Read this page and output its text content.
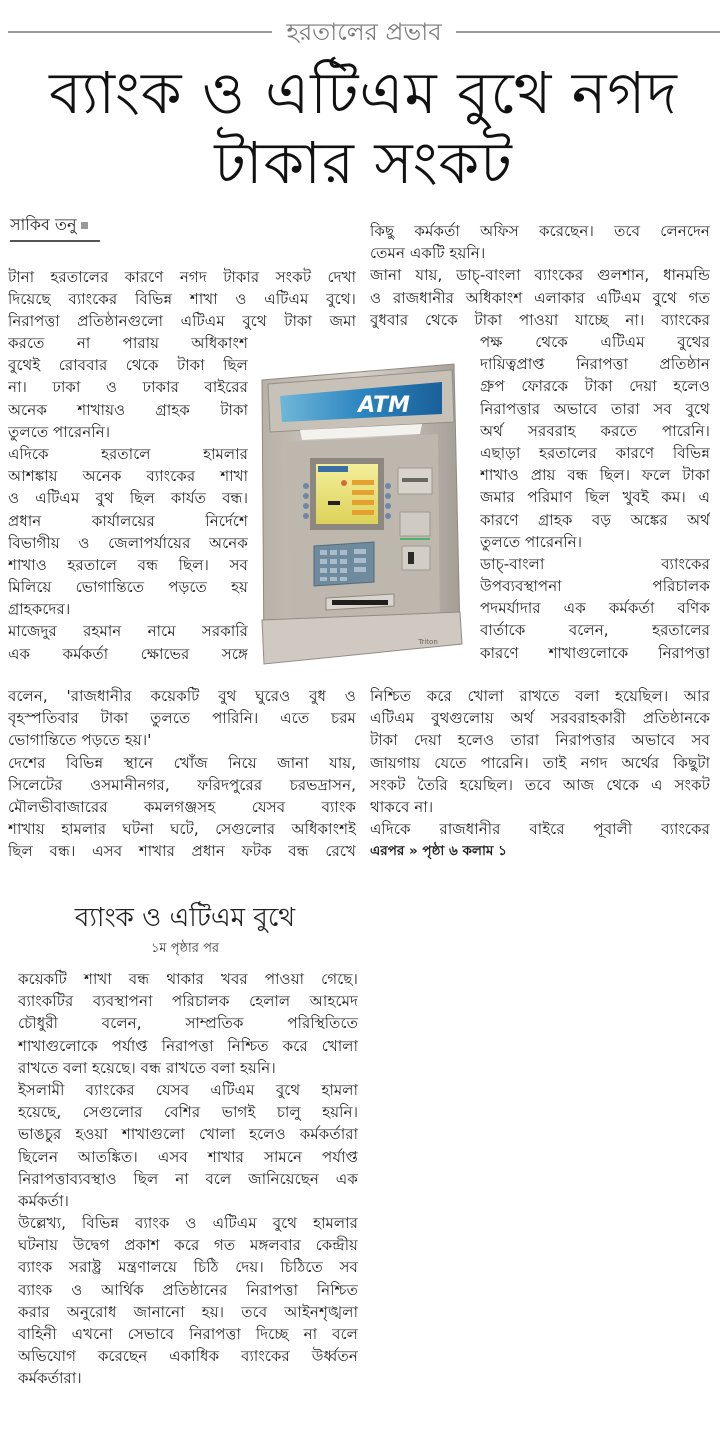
হরতালের প্রভাব
ব্যাংক ও এটিএম বুথে নগদ
টাকার সংকট
সাকিব তনু
টানা হরতালের কারণে নগদ টাকার সংকট দেখা
দিয়েছে ব্যাংকের বিভিন্ন শাখা ও এটিএম বুথে।
নিরাপত্তা প্রতিষ্ঠানগুলো এটিএম বুথে টাকা জমা
করতে না পারায় অধিকাংশ
বুথেই রোববার থেকে টাকা ছিল
না। ঢাকা ও ঢাকার বাইরের
অনেক শাখায়ও গ্রাহক টাকা
তুলতে পারেননি।
এদিকে হরতালে হামলার
আশঙ্কায় অনেক ব্যাংকের শাখা
ও এটিএম বুথ ছিল কার্যত বন্ধ।
প্রধান কার্যালয়ের নির্দেশে
বিভাগীয় ও জেলাপর্যায়ের অনেক
শাখাও হরতালে বন্ধ ছিল। সব
মিলিয়ে ভোগান্তিতে পড়তে হয়
গ্রাহকদের।
মাজেদুর রহমান নামে সরকারি
এক কর্মকর্তা ক্ষোভের সঙ্গে
বলেন, 'রাজধানীর কয়েকটি বুথ ঘুরেও বুধ ও
বৃহস্পতিবার টাকা তুলতে পারিনি। এতে চরম
ভোগান্তিতে পড়তে হয়।'
দেশের বিভিন্ন স্থানে খোঁজ নিয়ে জানা যায়,
সিলেটের ওসমানীনগর, ফরিদপুরের চরভদ্রাসন,
মৌলভীবাজারের কমলগঞ্জসহ যেসব ব্যাংক
শাখায় হামলার ঘটনা ঘটে, সেগুলোর অধিকাংশই
ছিল বন্ধ। এসব শাখার প্রধান ফটক বন্ধ রেখে
কিছু কর্মকর্তা অফিস করেছেন। তবে লেনদেন
তেমন একটি হয়নি।
জানা যায়, ডাচ্-বাংলা ব্যাংকের গুলশান, ধানমন্ডি
ও রাজধানীর অধিকাংশ এলাকার এটিএম বুথে গত
বুধবার থেকে টাকা পাওয়া যাচ্ছে না। ব্যাংকের
পক্ষ থেকে এটিএম বুথের
দায়িত্বপ্রাপ্ত নিরাপত্তা প্রতিষ্ঠান
গ্রুপ ফোরকে টাকা দেয়া হলেও
নিরাপত্তার অভাবে তারা সব বুথে
অর্থ সরবরাহ করতে পারেনি।
এছাড়া হরতালের কারণে বিভিন্ন
শাখাও প্রায় বন্ধ ছিল। ফলে টাকা
জমার পরিমাণ ছিল খুবই কম। এ
কারণে গ্রাহক বড় অঙ্কের অর্থ
তুলতে পারেননি।
ডাচ্-বাংলা ব্যাংকের
উপব্যবস্থাপনা পরিচালক
পদমর্যাদার এক কর্মকর্তা বণিক
বার্তাকে বলেন, হরতালের
কারণে শাখাগুলোকে নিরাপত্তা
নিশ্চিত করে খোলা রাখতে বলা হয়েছিল। আর
এটিএম বুথগুলোয় অর্থ সরবরাহকারী প্রতিষ্ঠানকে
টাকা দেয়া হলেও তারা নিরাপত্তার অভাবে সব
জায়গায় যেতে পারেনি। তাই নগদ অর্থের কিছুটা
সংকট তৈরি হয়েছিল। তবে আজ থেকে এ সংকট
থাকবে না।
এদিকে রাজধানীর বাইরে পূবালী ব্যাংকের
এরপর » পৃষ্ঠা ৬ কলাম ১
ATM
Triton
ব্যাংক ও এটিএম বুথে
১ম পৃষ্ঠার পর
কয়েকটি শাখা বন্ধ থাকার খবর পাওয়া গেছে।
ব্যাংকটির ব্যবস্থাপনা পরিচালক হেলাল আহমেদ
চৌধুরী বলেন, সাম্প্রতিক পরিস্থিতিতে
শাখাগুলোকে পর্যাপ্ত নিরাপত্তা নিশ্চিত করে খোলা
রাখতে বলা হয়েছে। বন্ধ রাখতে বলা হয়নি।
ইসলামী ব্যাংকের যেসব এটিএম বুথে হামলা
হয়েছে, সেগুলোর বেশির ভাগই চালু হয়নি।
ভাঙচুর হওয়া শাখাগুলো খোলা হলেও কর্মকর্তারা
ছিলেন আতঙ্কিত। এসব শাখার সামনে পর্যাপ্ত
নিরাপত্তাব্যবস্থাও ছিল না বলে জানিয়েছেন এক
কর্মকর্তা।
উল্লেখ্য, বিভিন্ন ব্যাংক ও এটিএম বুথে হামলার
ঘটনায় উদ্বেগ প্রকাশ করে গত মঙ্গলবার কেন্দ্রীয়
ব্যাংক সরাষ্ট্র মন্ত্রণালয়ে চিঠি দেয়। চিঠিতে সব
ব্যাংক ও আর্থিক প্রতিষ্ঠানের নিরাপত্তা নিশ্চিত
করার অনুরোধ জানানো হয়। তবে আইনশৃঙ্খলা
বাহিনী এখনো সেভাবে নিরাপত্তা দিচ্ছে না বলে
অভিযোগ করেছেন একাধিক ব্যাংকের উর্ধ্বতন
কর্মকর্তারা।
